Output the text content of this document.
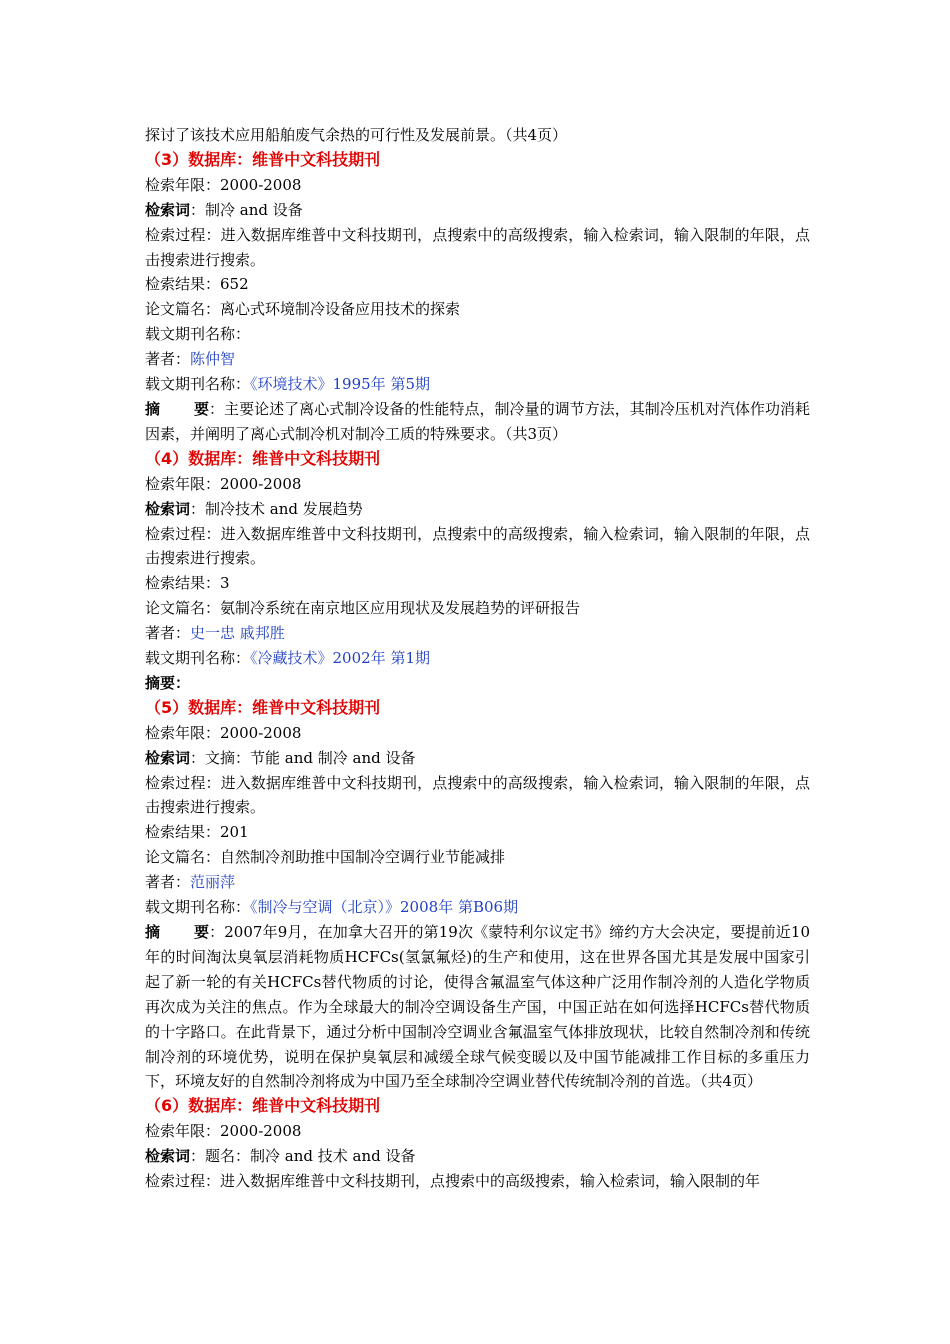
探讨了该技术应用船舶废气余热的可行性及发展前景。（共4页）
（3）数据库：维普中文科技期刊
检索年限：2000-2008
检索词：制冷 and 设备
检索过程：进入数据库维普中文科技期刊，点搜索中的高级搜索，输入检索词，输入限制的年限，点击搜索进行搜索。
检索结果：652
论文篇名：离心式环境制冷设备应用技术的探索
载文期刊名称：
著者：陈仲智
载文期刊名称：《环境技术》1995年 第5期
摘 要 ：主要论述了离心式制冷设备的性能特点，制冷量的调节方法，其制冷压机对汽体作功消耗因素，并阐明了离心式制冷机对制冷工质的特殊要求。（共3页）
（4）数据库：维普中文科技期刊
检索年限：2000-2008
检索词：制冷技术 and 发展趋势
检索过程：进入数据库维普中文科技期刊，点搜索中的高级搜索，输入检索词，输入限制的年限，点击搜索进行搜索。
检索结果：3
论文篇名：氨制冷系统在南京地区应用现状及发展趋势的评研报告
著者：史一忠 戚邦胜
载文期刊名称：《冷藏技术》2002年 第1期
摘要：
（5）数据库：维普中文科技期刊
检索年限：2000-2008
检索词：文摘：节能 and 制冷 and 设备
检索过程：进入数据库维普中文科技期刊，点搜索中的高级搜索，输入检索词，输入限制的年限，点击搜索进行搜索。
检索结果：201
论文篇名：自然制冷剂助推中国制冷空调行业节能减排
著者：范丽萍
载文期刊名称：《制冷与空调（北京）》2008年 第B06期
摘 要 ：2007年9月，在加拿大召开的第19次《蒙特利尔议定书》缔约方大会决定，要提前近10年的时间淘汰臭氧层消耗物质HCFCs(氢氯氟烃)的生产和使用，这在世界各国尤其是发展中国家引起了新一轮的有关HCFCs替代物质的讨论，使得含氟温室气体这种广泛用作制冷剂的人造化学物质再次成为关注的焦点。作为全球最大的制冷空调设备生产国，中国正站在如何选择HCFCs替代物质的十字路口。在此背景下，通过分析中国制冷空调业含氟温室气体排放现状，比较自然制冷剂和传统制冷剂的环境优势，说明在保护臭氧层和减缓全球气候变暖以及中国节能减排工作目标的多重压力下，环境友好的自然制冷剂将成为中国乃至全球制冷空调业替代传统制冷剂的首选。（共4页）
（6）数据库：维普中文科技期刊
检索年限：2000-2008
检索词：题名：制冷 and 技术 and 设备
检索过程：进入数据库维普中文科技期刊，点搜索中的高级搜索，输入检索词，输入限制的年
